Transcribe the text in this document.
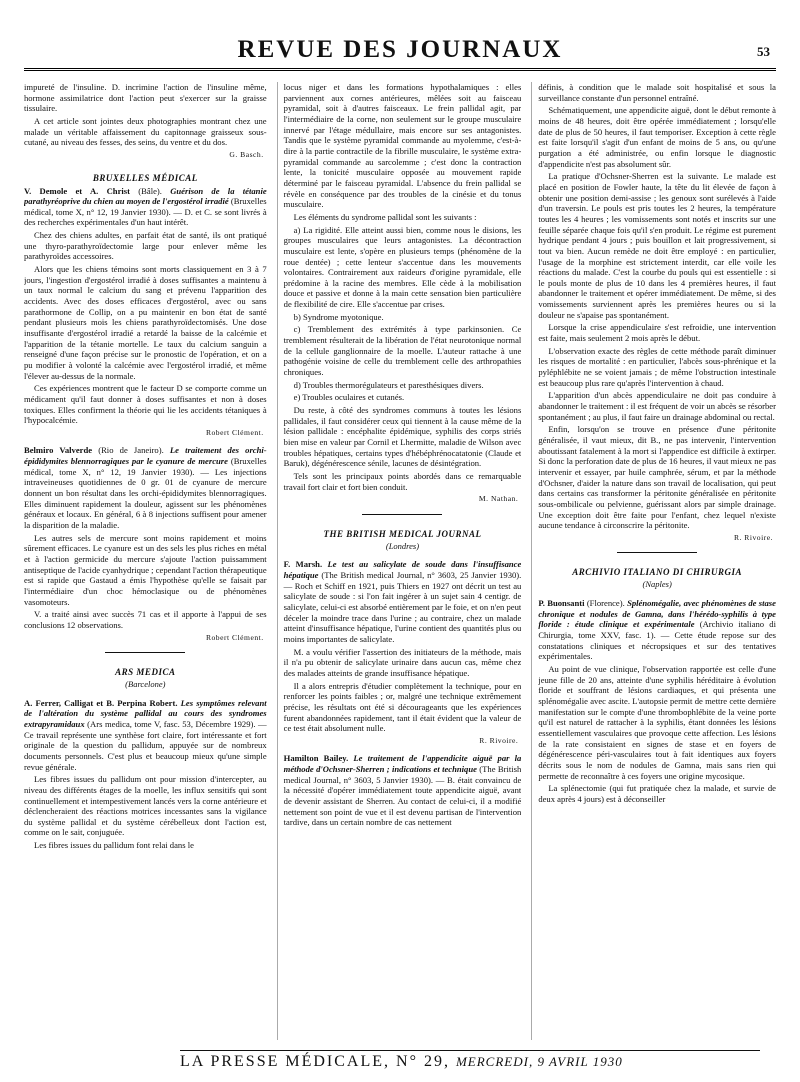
REVUE DES JOURNAUX	53

impureté de l'insuline. D. incrimine l'action de l'insuline même, hormone assimilatrice dont l'action peut s'exercer sur la graisse tissulaire.

A cet article sont jointes deux photographies montrant chez une malade un véritable affaissement du capitonnage graisseux sous-cutané, au niveau des fesses, des seins, du ventre et du dos.

G. Basch.
BRUXELLES MÉDICAL

V. Demole et A. Christ (Bâle). Guérison de la tétanie parathyréoprive du chien au moyen de l'ergostérol irradié (Bruxelles médical, tome X, n° 12, 19 Janvier 1930). — D. et C. se sont livrés à des recherches expérimentales d'un haut intérêt.

Chez des chiens adultes, en parfait état de santé, ils ont pratiqué une thyro-parathyroïdectomie large pour enlever même les parathyroïdes accessoires.

Alors que les chiens témoins sont morts classiquement en 3 à 7 jours, l'ingestion d'ergostérol irradié à doses suffisantes a maintenu à un taux normal le calcium du sang et prévenu l'apparition des accidents. Avec des doses efficaces d'ergostérol, avec ou sans parathormone de Collip, on a pu maintenir en bon état de santé pendant plusieurs mois les chiens parathyroïdectomisés. Une dose insuffisante d'ergostérol irradié a retardé la baisse de la calcémie et l'apparition de la tétanie mortelle. Le taux du calcium sanguin a renseigné d'une façon précise sur le pronostic de l'opération, et on a pu modifier à volonté la calcémie avec l'ergostérol irradié, et même l'élever au-dessus de la normale.

Ces expériences montrent que le facteur D se comporte comme un médicament qu'il faut donner à doses suffisantes et non à doses toxiques. Elles confirment la théorie qui lie les accidents tétaniques à l'hypocalcémie.

Robert Clément.

Belmiro Valverde (Rio de Janeiro). Le traitement des orchi-épididymites blennorragiques par le cyanure de mercure (Bruxelles médical, tome X, n° 12, 19 Janvier 1930). — Les injections intraveineuses quotidiennes de 0 gr. 01 de cyanure de mercure donnent un bon résultat dans les orchi-épididymites blennorragiques. Elles diminuent rapidement la douleur, agissent sur les phénomènes généraux et locaux. En général, 6 à 8 injections suffisent pour amener la disparition de la maladie.

Les autres sels de mercure sont moins rapidement et moins sûrement efficaces. Le cyanure est un des sels les plus riches en métal et à l'action germicide du mercure s'ajoute l'action puissamment antiseptique de l'acide cyanhydrique ; cependant l'action thérapeutique est si rapide que Gastaud a émis l'hypothèse qu'elle se faisait par l'intermédiaire d'un choc hémoclasique ou de phénomènes vasomoteurs.

V. a traité ainsi avec succès 71 cas et il apporte à l'appui de ses conclusions 12 observations.

Robert Clément.
ARS MEDICA
(Barcelone)

A. Ferrer, Calligat et B. Perpina Robert. Les symptômes relevant de l'altération du système pallidal au cours des syndromes extrapyramidaux (Ars medica, tome V, fasc. 53, Décembre 1929). — Ce travail représente une synthèse fort claire, fort intéressante et fort originale de la question du pallidum, appuyée sur de nombreux documents personnels. C'est plus et beaucoup mieux qu'une simple revue générale.

Les fibres issues du pallidum ont pour mission d'intercepter, au niveau des différents étages de la moelle, les influx sensitifs qui sont continuellement et intempestivement lancés vers la corne antérieure et déclencheraient des réactions motrices incessantes sans la vigilance du système pallidal et du système cérébelleux dont l'action est, comme on le sait, conjuguée.

Les fibres issues du pallidum font relai dans le

locus niger et dans les formations hypothalamiques : elles parviennent aux cornes antérieures, mêlées soit au faisceau pyramidal, soit à d'autres faisceaux. Le frein pallidal agit, par l'intermédiaire de la corne, non seulement sur le groupe musculaire innervé par l'étage médullaire, mais encore sur ses antagonistes. Tandis que le système pyramidal commande au myolemme, c'est-à-dire à la partie contractile de la fibrille musculaire, le système extra-pyramidal commande au sarcolemme ; c'est donc la contraction lente, la tonicité musculaire opposée au mouvement rapide déterminé par le faisceau pyramidal. L'absence du frein pallidal se révèle en conséquence par des troubles de la cinésie et du tonus musculaire.

Les éléments du syndrome pallidal sont les suivants :

a) La rigidité. Elle atteint aussi bien, comme nous le disions, les groupes musculaires que leurs antagonistes. La décontraction musculaire est lente, s'opère en plusieurs temps (phénomène de la roue dentée) ; cette lenteur s'accentue dans les mouvements volontaires. Contrairement aux raideurs d'origine pyramidale, elle prédomine à la racine des membres. Elle cède à la mobilisation douce et passive et donne à la main cette sensation bien particulière de flexibilité de cire. Elle s'accentue par crises.

b) Syndrome myotonique.

c) Tremblement des extrémités à type parkinsonien. Ce tremblement résulterait de la libération de l'état neurotonique normal de la cellule ganglionnaire de la moelle. L'auteur rattache à une pathogénie voisine de celle du tremblement celle des arthropathies chroniques.

d) Troubles thermorégulateurs et paresthésiques divers.

e) Troubles oculaires et cutanés.

Du reste, à côté des syndromes communs à toutes les lésions pallidales, il faut considérer ceux qui tiennent à la cause même de la lésion pallidale : encéphalite épidémique, syphilis des corps striés bien mise en valeur par Cornil et Lhermitte, maladie de Wilson avec troubles hépatiques, certains types d'hébéphrénocatatonie (Claude et Baruk), dégénérescence sénile, lacunes de désintégration.

Tels sont les principaux points abordés dans ce remarquable travail fort clair et fort bien conduit.

M. Nathan.
THE BRITISH MEDICAL JOURNAL
(Londres)

F. Marsh. Le test au salicylate de soude dans l'insuffisance hépatique (The British medical Journal, n° 3603, 25 Janvier 1930). — Roch et Schiff en 1921, puis Thiers en 1927 ont décrit un test au salicylate de soude : si l'on fait ingérer à un sujet sain 4 centigr. de salicylate, celui-ci est absorbé entièrement par le foie, et on n'en peut déceler la moindre trace dans l'urine ; au contraire, chez un malade atteint d'insuffisance hépatique, l'urine contient des quantités plus ou moins importantes de salicylate.

M. a voulu vérifier l'assertion des initiateurs de la méthode, mais il n'a pu obtenir de salicylate urinaire dans aucun cas, même chez des malades atteints de grande insuffisance hépatique.

Il a alors entrepris d'étudier complètement la technique, pour en renforcer les points faibles ; or, malgré une technique extrêmement précise, les résultats ont été si décourageants que les expériences furent abandonnées rapidement, tant il était évident que la valeur de ce test était absolument nulle.

R. Rivoire.

Hamilton Bailey. Le traitement de l'appendicite aiguë par la méthode d'Ochsner-Sherren ; indications et technique (The British medical Journal, n° 3603, 5 Janvier 1930). — B. était convaincu de la nécessité d'opérer immédiatement toute appendicite aiguë, avant de devenir assistant de Sherren. Au contact de celui-ci, il a modifié nettement son point de vue et il est devenu partisan de l'intervention tardive, dans un certain nombre de cas nettement

définis, à condition que le malade soit hospitalisé et sous la surveillance constante d'un personnel entraîné.

Schématiquement, une appendicite aiguë, dont le début remonte à moins de 48 heures, doit être opérée immédiatement ; lorsqu'elle date de plus de 50 heures, il faut temporiser. Exception à cette règle est faite lorsqu'il s'agit d'un enfant de moins de 5 ans, ou qu'une purgation a été administrée, ou enfin lorsque le diagnostic d'appendicite n'est pas absolument sûr.

La pratique d'Ochsner-Sherren est la suivante. Le malade est placé en position de Fowler haute, la tête du lit élevée de façon à obtenir une position demi-assise ; les genoux sont surélevés à l'aide d'un traversin. Le pouls est pris toutes les 2 heures, la température toutes les 4 heures ; les vomissements sont notés et inscrits sur une feuille séparée chaque fois qu'il s'en produit. Le régime est purement hydrique pendant 4 jours ; puis bouillon et lait progressivement, si tout va bien. Aucun remède ne doit être employé : en particulier, l'usage de la morphine est strictement interdit, car elle voile les réactions du malade. C'est la courbe du pouls qui est essentielle : si le pouls monte de plus de 10 dans les 4 premières heures, il faut abandonner le traitement et opérer immédiatement. De même, si des vomissements surviennent après les premières heures ou si la douleur ne s'apaise pas spontanément.

Lorsque la crise appendiculaire s'est refroidie, une intervention est faite, mais seulement 2 mois après le début.

L'observation exacte des règles de cette méthode paraît diminuer les risques de mortalité : en particulier, l'abcès sous-phrénique et la pyléphlébite ne se voient jamais ; de même l'obstruction intestinale est beaucoup plus rare qu'après l'intervention à chaud.

L'apparition d'un abcès appendiculaire ne doit pas conduire à abandonner le traitement : il est fréquent de voir un abcès se résorber spontanément ; au plus, il faut faire un drainage abdominal ou rectal.

Enfin, lorsqu'on se trouve en présence d'une péritonite généralisée, il vaut mieux, dit B., ne pas intervenir, l'intervention aboutissant fatalement à la mort si l'appendice est difficile à extirper. Si donc la perforation date de plus de 16 heures, il vaut mieux ne pas intervenir et essayer, par huile camphrée, sérum, et par la méthode d'Ochsner, d'aider la nature dans son travail de localisation, qui peut dans certains cas transformer la péritonite généralisée en péritonite sous-ombilicale ou pelvienne, guérissant alors par simple drainage. Une exception doit être faite pour l'enfant, chez lequel n'existe aucune tendance à circonscrire la péritonite.

R. Rivoire.
ARCHIVIO ITALIANO DI CHIRURGIA
(Naples)

P. Buonsanti (Florence). Splénomégalie, avec phénomènes de stase chronique et nodules de Gamna, dans l'hérédo-syphilis à type floride : étude clinique et expérimentale (Archivio italiano di Chirurgia, tome XXV, fasc. 1). — Cette étude repose sur des constatations cliniques et nécropsiques et sur des tentatives expérimentales.

Au point de vue clinique, l'observation rapportée est celle d'une jeune fille de 20 ans, atteinte d'une syphilis héréditaire à évolution floride et souffrant de lésions cardiaques, et qui présenta une splénomégalie avec ascite. L'autopsie permit de mettre cette dernière manifestation sur le compte d'une thrombophlébite de la veine porte qu'il est naturel de rattacher à la syphilis, étant données les lésions essentiellement vasculaires que provoque cette affection. Les lésions de la rate consistaient en signes de stase et en foyers de dégénérescence péri-vasculaires tout à fait identiques aux foyers décrits sous le nom de nodules de Gamna, mais sans rien qui permette de reconnaître à ces foyers une origine mycosique.

La splénectomie (qui fut pratiquée chez la malade, et survie de deux après 4 jours) est à déconseiller

LA PRESSE MÉDICALE, N° 29, MERCREDI, 9 AVRIL 1930
